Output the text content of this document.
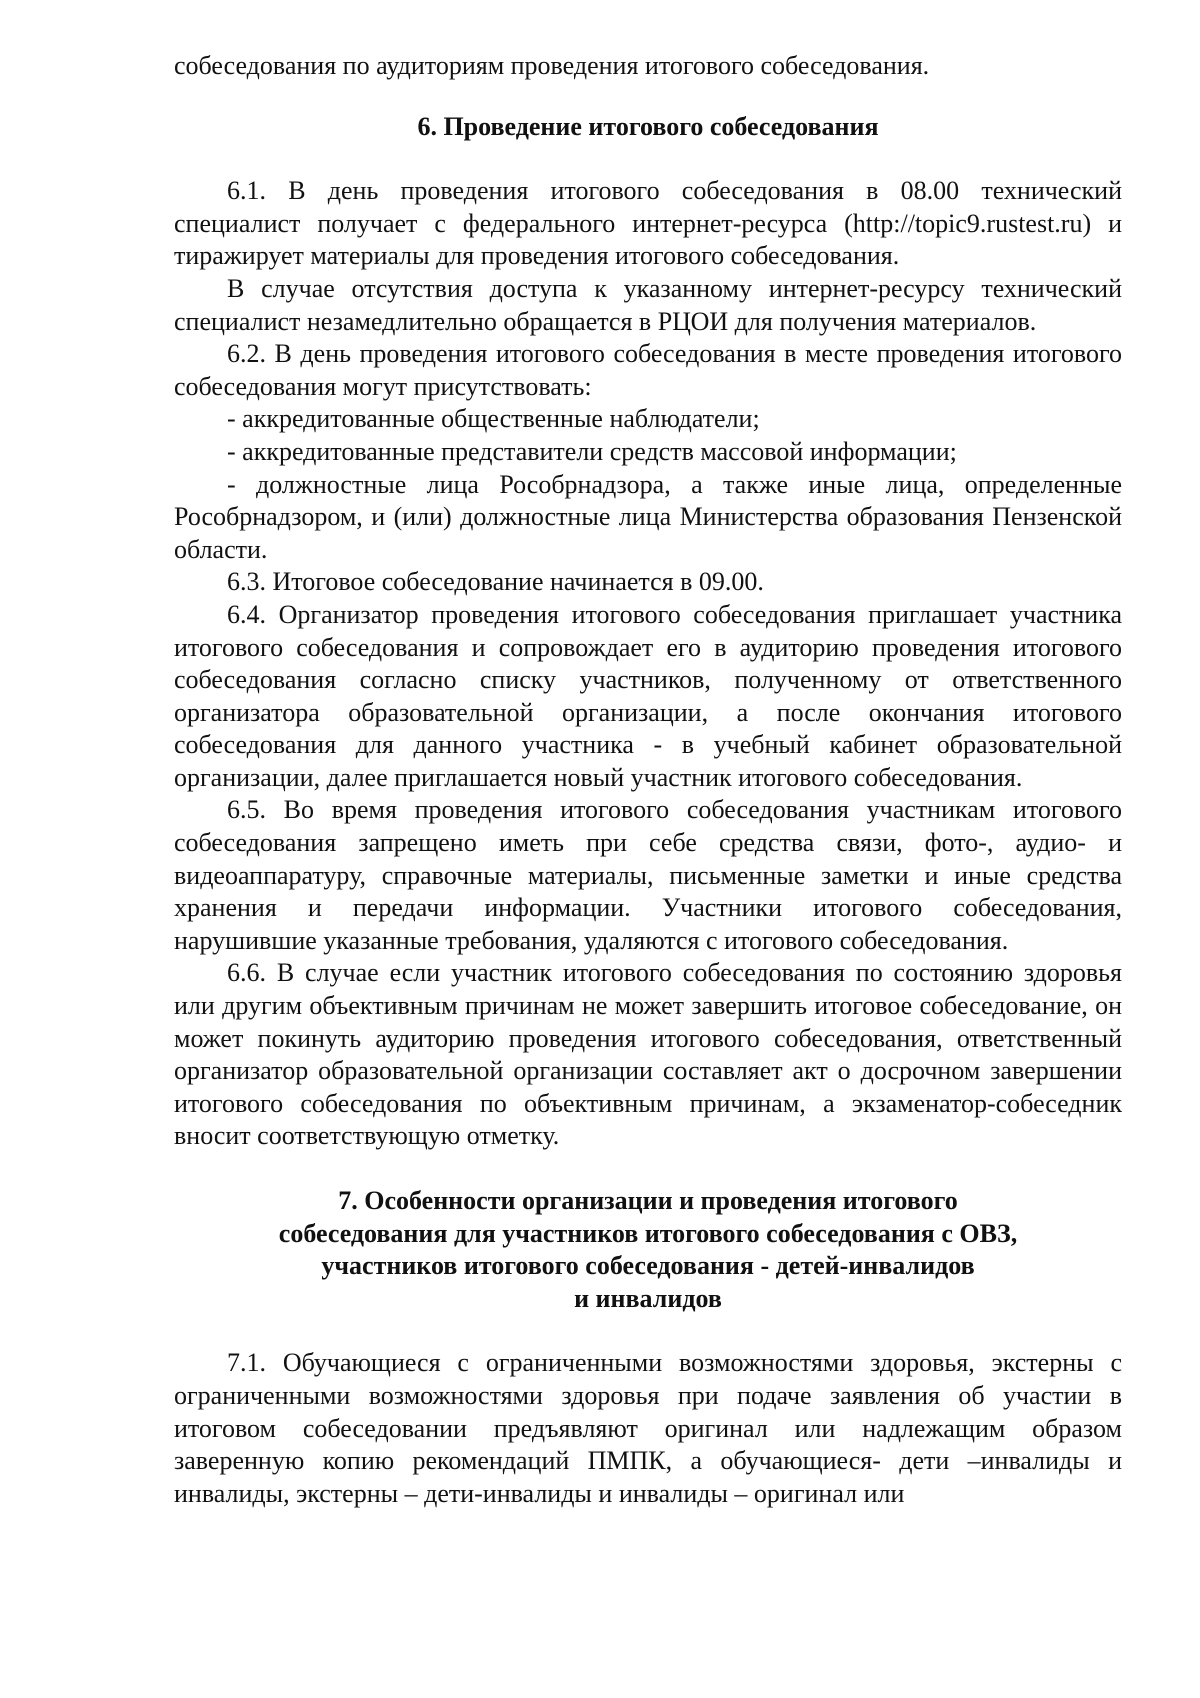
собеседования по аудиториям проведения итогового собеседования.

6. Проведение итогового собеседования

6.1. В день проведения итогового собеседования в 08.00 технический специалист получает с федерального интернет-ресурса (http://topic9.rustest.ru) и тиражирует материалы для проведения итогового собеседования.

В случае отсутствия доступа к указанному интернет-ресурсу технический специалист незамедлительно обращается в РЦОИ для получения материалов.

6.2. В день проведения итогового собеседования в месте проведения итогового собеседования могут присутствовать:

- аккредитованные общественные наблюдатели;

- аккредитованные представители средств массовой информации;

- должностные лица Рособрнадзора, а также иные лица, определенные Рособрнадзором, и (или) должностные лица Министерства образования Пензенской области.

6.3. Итоговое собеседование начинается в 09.00.

6.4. Организатор проведения итогового собеседования приглашает участника итогового собеседования и сопровождает его в аудиторию проведения итогового собеседования согласно списку участников, полученному от ответственного организатора образовательной организации, а после окончания итогового собеседования для данного участника - в учебный кабинет образовательной организации, далее приглашается новый участник итогового собеседования.

6.5. Во время проведения итогового собеседования участникам итогового собеседования запрещено иметь при себе средства связи, фото-, аудио- и видеоаппаратуру, справочные материалы, письменные заметки и иные средства хранения и передачи информации. Участники итогового собеседования, нарушившие указанные требования, удаляются с итогового собеседования.

6.6. В случае если участник итогового собеседования по состоянию здоровья или другим объективным причинам не может завершить итоговое собеседование, он может покинуть аудиторию проведения итогового собеседования, ответственный организатор образовательной организации составляет акт о досрочном завершении итогового собеседования по объективным причинам, а экзаменатор-собеседник вносит соответствующую отметку.

7. Особенности организации и проведения итогового
собеседования для участников итогового собеседования с ОВЗ,
участников итогового собеседования - детей-инвалидов
и инвалидов

7.1. Обучающиеся с ограниченными возможностями здоровья, экстерны с ограниченными возможностями здоровья при подаче заявления об участии в итоговом собеседовании предъявляют оригинал или надлежащим образом заверенную копию рекомендаций ПМПК, а обучающиеся- дети –инвалиды и инвалиды, экстерны – дети-инвалиды и инвалиды – оригинал или
